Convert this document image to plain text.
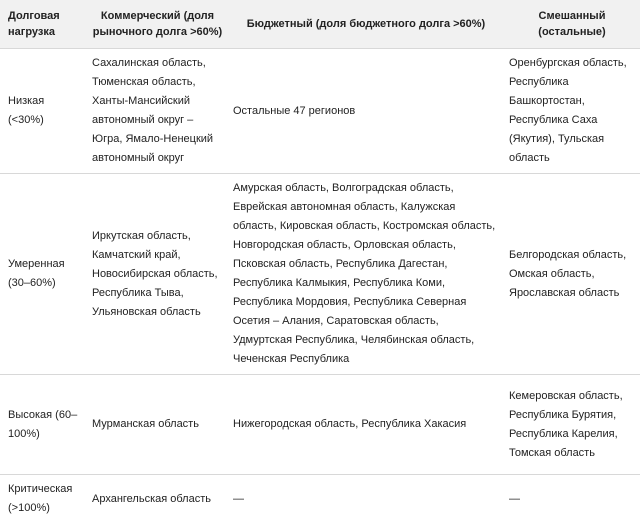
Долговая нагрузка	Коммерческий (доля рыночного долга >60%)	Бюджетный (доля бюджетного долга >60%)	Смешанный (остальные)
Низкая (<30%)	Сахалинская область, Тюменская область, Ханты-Мансийский автономный округ – Югра, Ямало-Ненецкий автономный округ	Остальные 47 регионов	Оренбургская область, Республика Башкортостан, Республика Саха (Якутия), Тульская область
Умеренная (30–60%)	Иркутская область, Камчатский край, Новосибирская область, Республика Тыва, Ульяновская область	Амурская область, Волгоградская область, Еврейская автономная область, Калужская область, Кировская область, Костромская область, Новгородская область, Орловская область, Псковская область, Республика Дагестан, Республика Калмыкия, Республика Коми, Республика Мордовия, Республика Северная Осетия – Алания, Саратовская область, Удмуртская Республика, Челябинская область, Чеченская Республика	Белгородская область, Омская область, Ярославская область
Высокая (60–100%)	Мурманская область	Нижегородская область, Республика Хакасия	Кемеровская область, Республика Бурятия, Республика Карелия, Томская область
Критическая (>100%)	Архангельская область	—	—
